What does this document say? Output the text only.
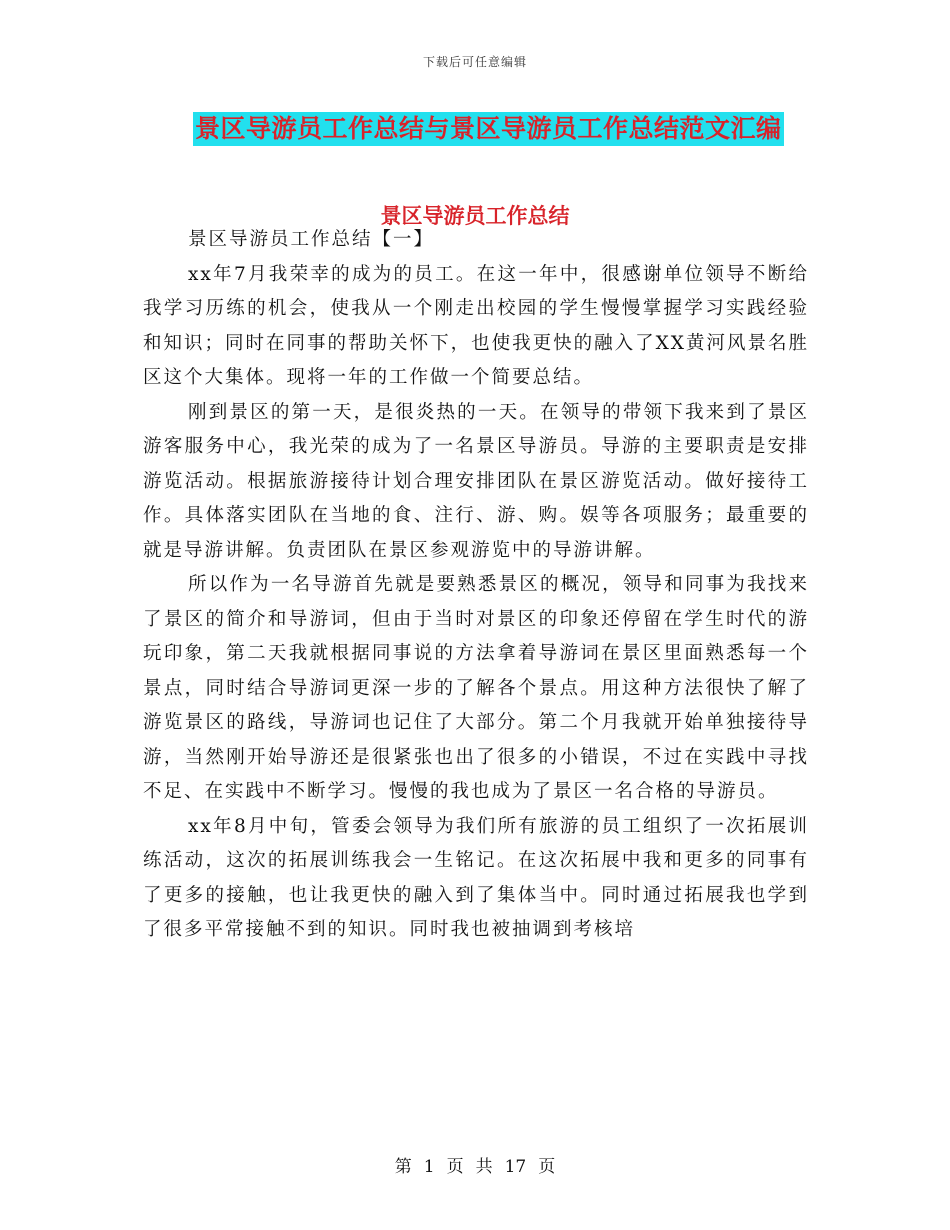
下载后可任意编辑
景区导游员工作总结与景区导游员工作总结范文汇编
景区导游员工作总结

景区导游员工作总结【一】

xx年7月我荣幸的成为的员工。在这一年中，很感谢单位领导不断给我学习历练的机会，使我从一个刚走出校园的学生慢慢掌握学习实践经验和知识；同时在同事的帮助关怀下，也使我更快的融入了XX黄河风景名胜区这个大集体。现将一年的工作做一个简要总结。

刚到景区的第一天，是很炎热的一天。在领导的带领下我来到了景区游客服务中心，我光荣的成为了一名景区导游员。导游的主要职责是安排游览活动。根据旅游接待计划合理安排团队在景区游览活动。做好接待工作。具体落实团队在当地的食、注行、游、购。娱等各项服务；最重要的就是导游讲解。负责团队在景区参观游览中的导游讲解。

所以作为一名导游首先就是要熟悉景区的概况，领导和同事为我找来了景区的简介和导游词，但由于当时对景区的印象还停留在学生时代的游玩印象，第二天我就根据同事说的方法拿着导游词在景区里面熟悉每一个景点，同时结合导游词更深一步的了解各个景点。用这种方法很快了解了游览景区的路线，导游词也记住了大部分。第二个月我就开始单独接待导游，当然刚开始导游还是很紧张也出了很多的小错误，不过在实践中寻找不足、在实践中不断学习。慢慢的我也成为了景区一名合格的导游员。

xx年8月中旬，管委会领导为我们所有旅游的员工组织了一次拓展训练活动，这次的拓展训练我会一生铭记。在这次拓展中我和更多的同事有了更多的接触，也让我更快的融入到了集体当中。同时通过拓展我也学到了很多平常接触不到的知识。同时我也被抽调到考核培

第 1 页 共 17 页
